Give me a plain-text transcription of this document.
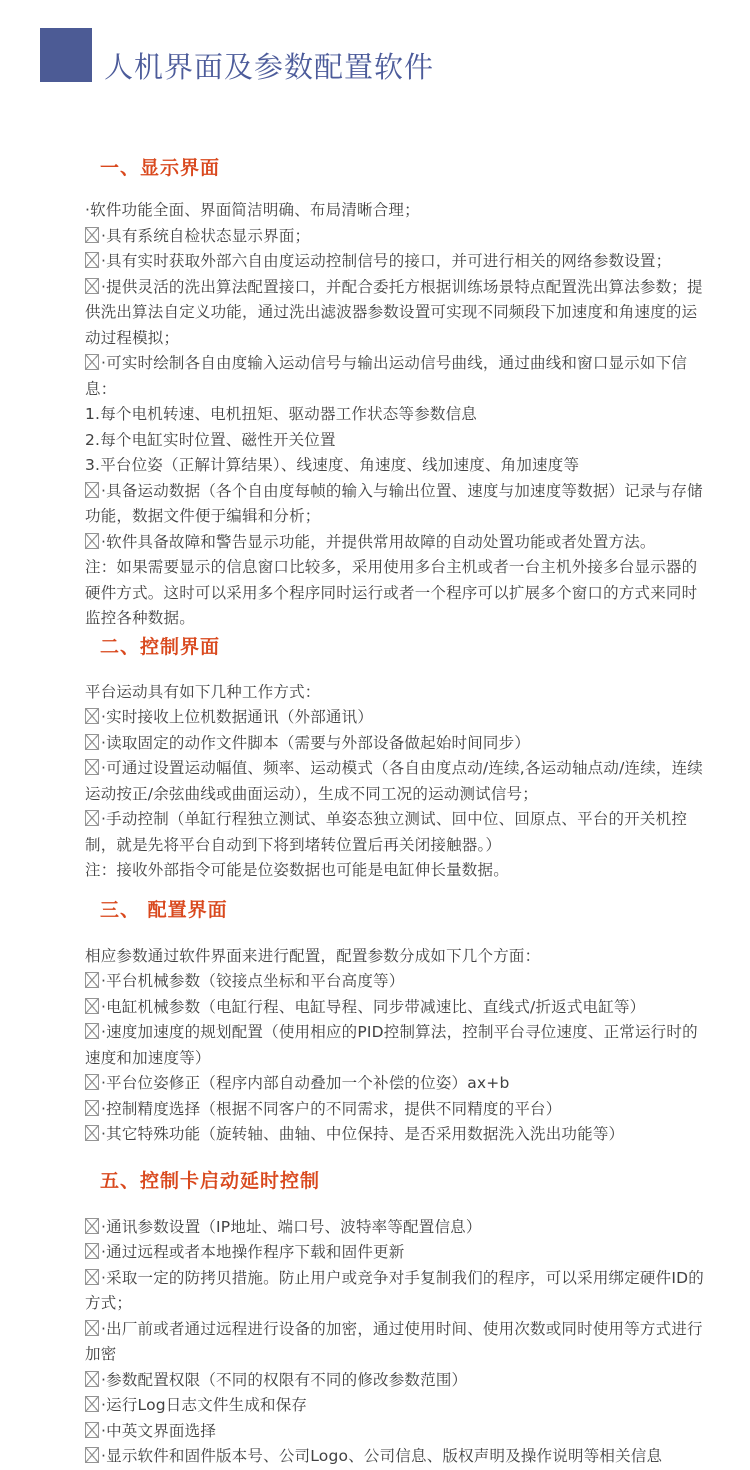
人机界面及参数配置软件
一、显示界面

·软件功能全面、界面简洁明确、布局清晰合理；

·具有系统自检状态显示界面；

·具有实时获取外部六自由度运动控制信号的接口，并可进行相关的网络参数设置；

·提供灵活的洗出算法配置接口，并配合委托方根据训练场景特点配置洗出算法参数；提供洗出算法自定义功能，通过洗出滤波器参数设置可实现不同频段下加速度和角速度的运动过程模拟；

·可实时绘制各自由度输入运动信号与输出运动信号曲线，通过曲线和窗口显示如下信息：

1.每个电机转速、电机扭矩、驱动器工作状态等参数信息

2.每个电缸实时位置、磁性开关位置

3.平台位姿（正解计算结果）、线速度、角速度、线加速度、角加速度等

·具备运动数据（各个自由度每帧的输入与输出位置、速度与加速度等数据）记录与存储功能，数据文件便于编辑和分析；

·软件具备故障和警告显示功能，并提供常用故障的自动处置功能或者处置方法。

注：如果需要显示的信息窗口比较多，采用使用多台主机或者一台主机外接多台显示器的硬件方式。这时可以采用多个程序同时运行或者一个程序可以扩展多个窗口的方式来同时监控各种数据。

二、控制界面

平台运动具有如下几种工作方式：

·实时接收上位机数据通讯（外部通讯）

·读取固定的动作文件脚本（需要与外部设备做起始时间同步）

·可通过设置运动幅值、频率、运动模式（各自由度点动/连续,各运动轴点动/连续，连续运动按正/余弦曲线或曲面运动），生成不同工况的运动测试信号；

·手动控制（单缸行程独立测试、单姿态独立测试、回中位、回原点、平台的开关机控制，就是先将平台自动到下将到堵转位置后再关闭接触器。）

注：接收外部指令可能是位姿数据也可能是电缸伸长量数据。

三、 配置界面

相应参数通过软件界面来进行配置，配置参数分成如下几个方面：

·平台机械参数（铰接点坐标和平台高度等）

·电缸机械参数（电缸行程、电缸导程、同步带减速比、直线式/折返式电缸等）

·速度加速度的规划配置（使用相应的PID控制算法，控制平台寻位速度、正常运行时的速度和加速度等）

·平台位姿修正（程序内部自动叠加一个补偿的位姿）ax+b

·控制精度选择（根据不同客户的不同需求，提供不同精度的平台）

·其它特殊功能（旋转轴、曲轴、中位保持、是否采用数据洗入洗出功能等）

五、控制卡启动延时控制

·通讯参数设置（IP地址、端口号、波特率等配置信息）

·通过远程或者本地操作程序下载和固件更新

·采取一定的防拷贝措施。防止用户或竞争对手复制我们的程序，可以采用绑定硬件ID的方式；

·出厂前或者通过远程进行设备的加密，通过使用时间、使用次数或同时使用等方式进行加密

·参数配置权限（不同的权限有不同的修改参数范围）

·运行Log日志文件生成和保存

·中英文界面选择

·显示软件和固件版本号、公司Logo、公司信息、版权声明及操作说明等相关信息
